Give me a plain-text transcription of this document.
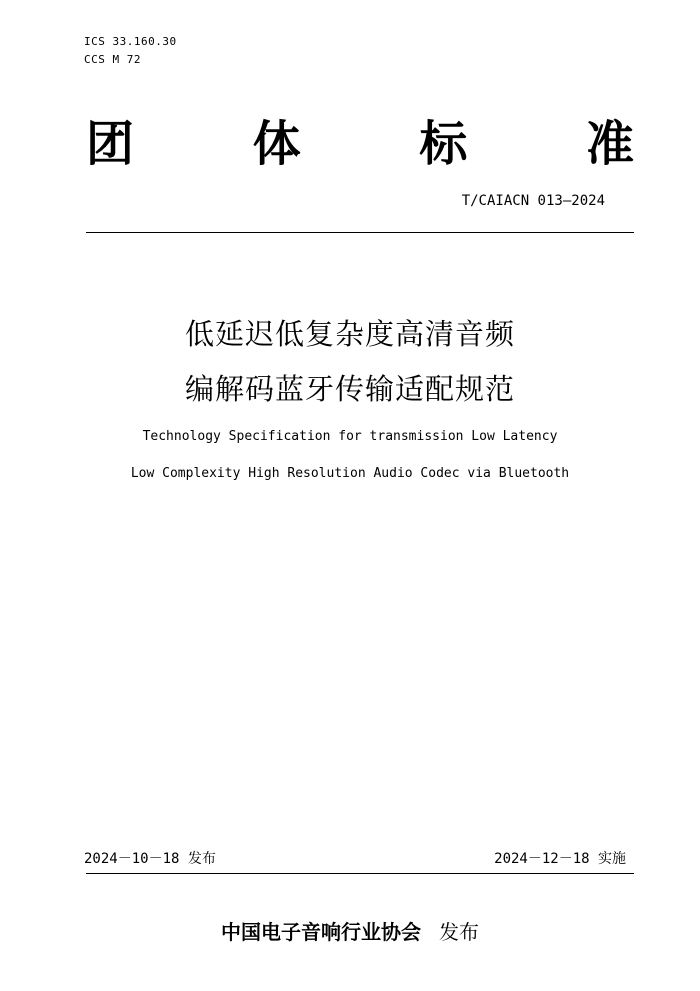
ICS 33.160.30
CCS M 72
团 体 标 准
T/CAIACN 013—2024
低延迟低复杂度高清音频
编解码蓝牙传输适配规范
Technology Specification for transmission Low Latency
Low Complexity High Resolution Audio Codec via Bluetooth
2024－10－18 发布	2024－12－18 实施
中国电子音响行业协会 发布
